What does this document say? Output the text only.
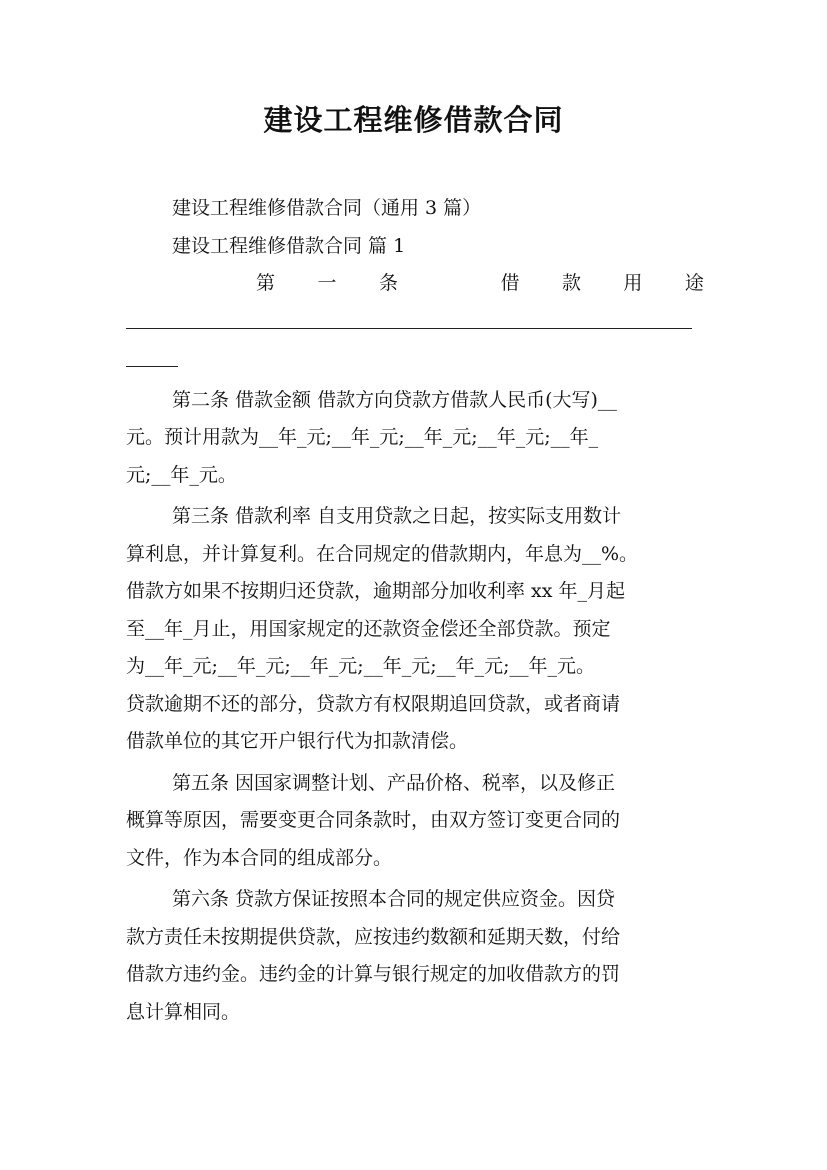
建设工程维修借款合同
建设工程维修借款合同（通用 3 篇）
建设工程维修借款合同 篇 1
第 一 条	借 款 用 途
第二条 借款金额 借款方向贷款方借款人民币(大写)__
元。预计用款为__年_元;__年_元;__年_元;__年_元;__年_
元;__年_元。
第三条 借款利率 自支用贷款之日起，按实际支用数计
算利息，并计算复利。在合同规定的借款期内，年息为__%。
借款方如果不按期归还贷款，逾期部分加收利率 xx 年_月起
至__年_月止，用国家规定的还款资金偿还全部贷款。预定
为__年_元;__年_元;__年_元;__年_元;__年_元;__年_元。
贷款逾期不还的部分，贷款方有权限期追回贷款，或者商请
借款单位的其它开户银行代为扣款清偿。
第五条 因国家调整计划、产品价格、税率，以及修正
概算等原因，需要变更合同条款时，由双方签订变更合同的
文件，作为本合同的组成部分。
第六条 贷款方保证按照本合同的规定供应资金。因贷
款方责任未按期提供贷款，应按违约数额和延期天数，付给
借款方违约金。违约金的计算与银行规定的加收借款方的罚
息计算相同。
